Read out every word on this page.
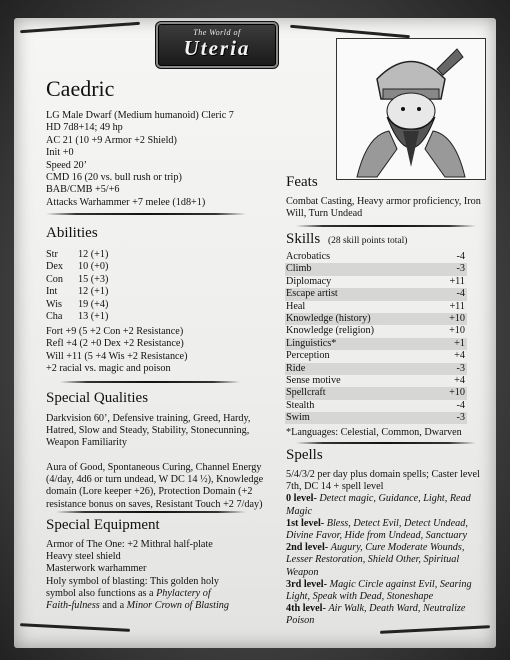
The World of
Uteria
Caedric
LG Male Dwarf (Medium humanoid) Cleric 7
HD 7d8+14; 49 hp
AC 21 (10 +9 Armor +2 Shield)
Init +0
Speed 20’
CMD 16 (20 vs. bull rush or trip)
BAB/CMB +5/+6
Attacks Warhammer +7 melee (1d8+1)
Abilities
Str	12 (+1)
Dex	10 (+0)
Con	15 (+3)
Int	12 (+1)
Wis	19 (+4)
Cha	13 (+1)
Fort +9 (5 +2 Con +2 Resistance)
Refl +4 (2 +0 Dex +2 Resistance)
Will +11 (5 +4 Wis +2 Resistance)
+2 racial vs. magic and poison
Special Qualities
Darkvision 60’, Defensive training, Greed, Hardy, Hatred, Slow and Steady, Stability, Stonecunning, Weapon Familiarity
Aura of Good, Spontaneous Curing, Channel Energy (4/day, 4d6 or turn undead, W DC 14 ½), Knowledge domain (Lore keeper +26), Protection Domain (+2 resistance bonus on saves, Resistant Touch +2 7/day)
Special Equipment
Armor of The One: +2 Mithral half-plate
Heavy steel shield
Masterwork warhammer
Holy symbol of blasting: This golden holy symbol also functions as a Phylactery of Faith-fulness and a Minor Crown of Blasting
Feats
Combat Casting, Heavy armor proficiency, Iron Will, Turn Undead
Skills (28 skill points total)
Acrobatics	-4
Climb	-3
Diplomacy	+11
Escape artist	-4
Heal	+11
Knowledge (history)	+10
Knowledge (religion)	+10
Linguistics*	+1
Perception	+4
Ride	-3
Sense motive	+4
Spellcraft	+10
Stealth	-4
Swim	-3
*Languages: Celestial, Common, Dwarven
Spells
5/4/3/2 per day plus domain spells; Caster level 7th, DC 14 + spell level
0 level- Detect magic, Guidance, Light, Read Magic
1st level- Bless, Detect Evil, Detect Undead, Divine Favor, Hide from Undead, Sanctuary
2nd level- Augury, Cure Moderate Wounds, Lesser Restoration, Shield Other, Spiritual Weapon
3rd level- Magic Circle against Evil, Searing Light, Speak with Dead, Stoneshape
4th level- Air Walk, Death Ward, Neutralize Poison
